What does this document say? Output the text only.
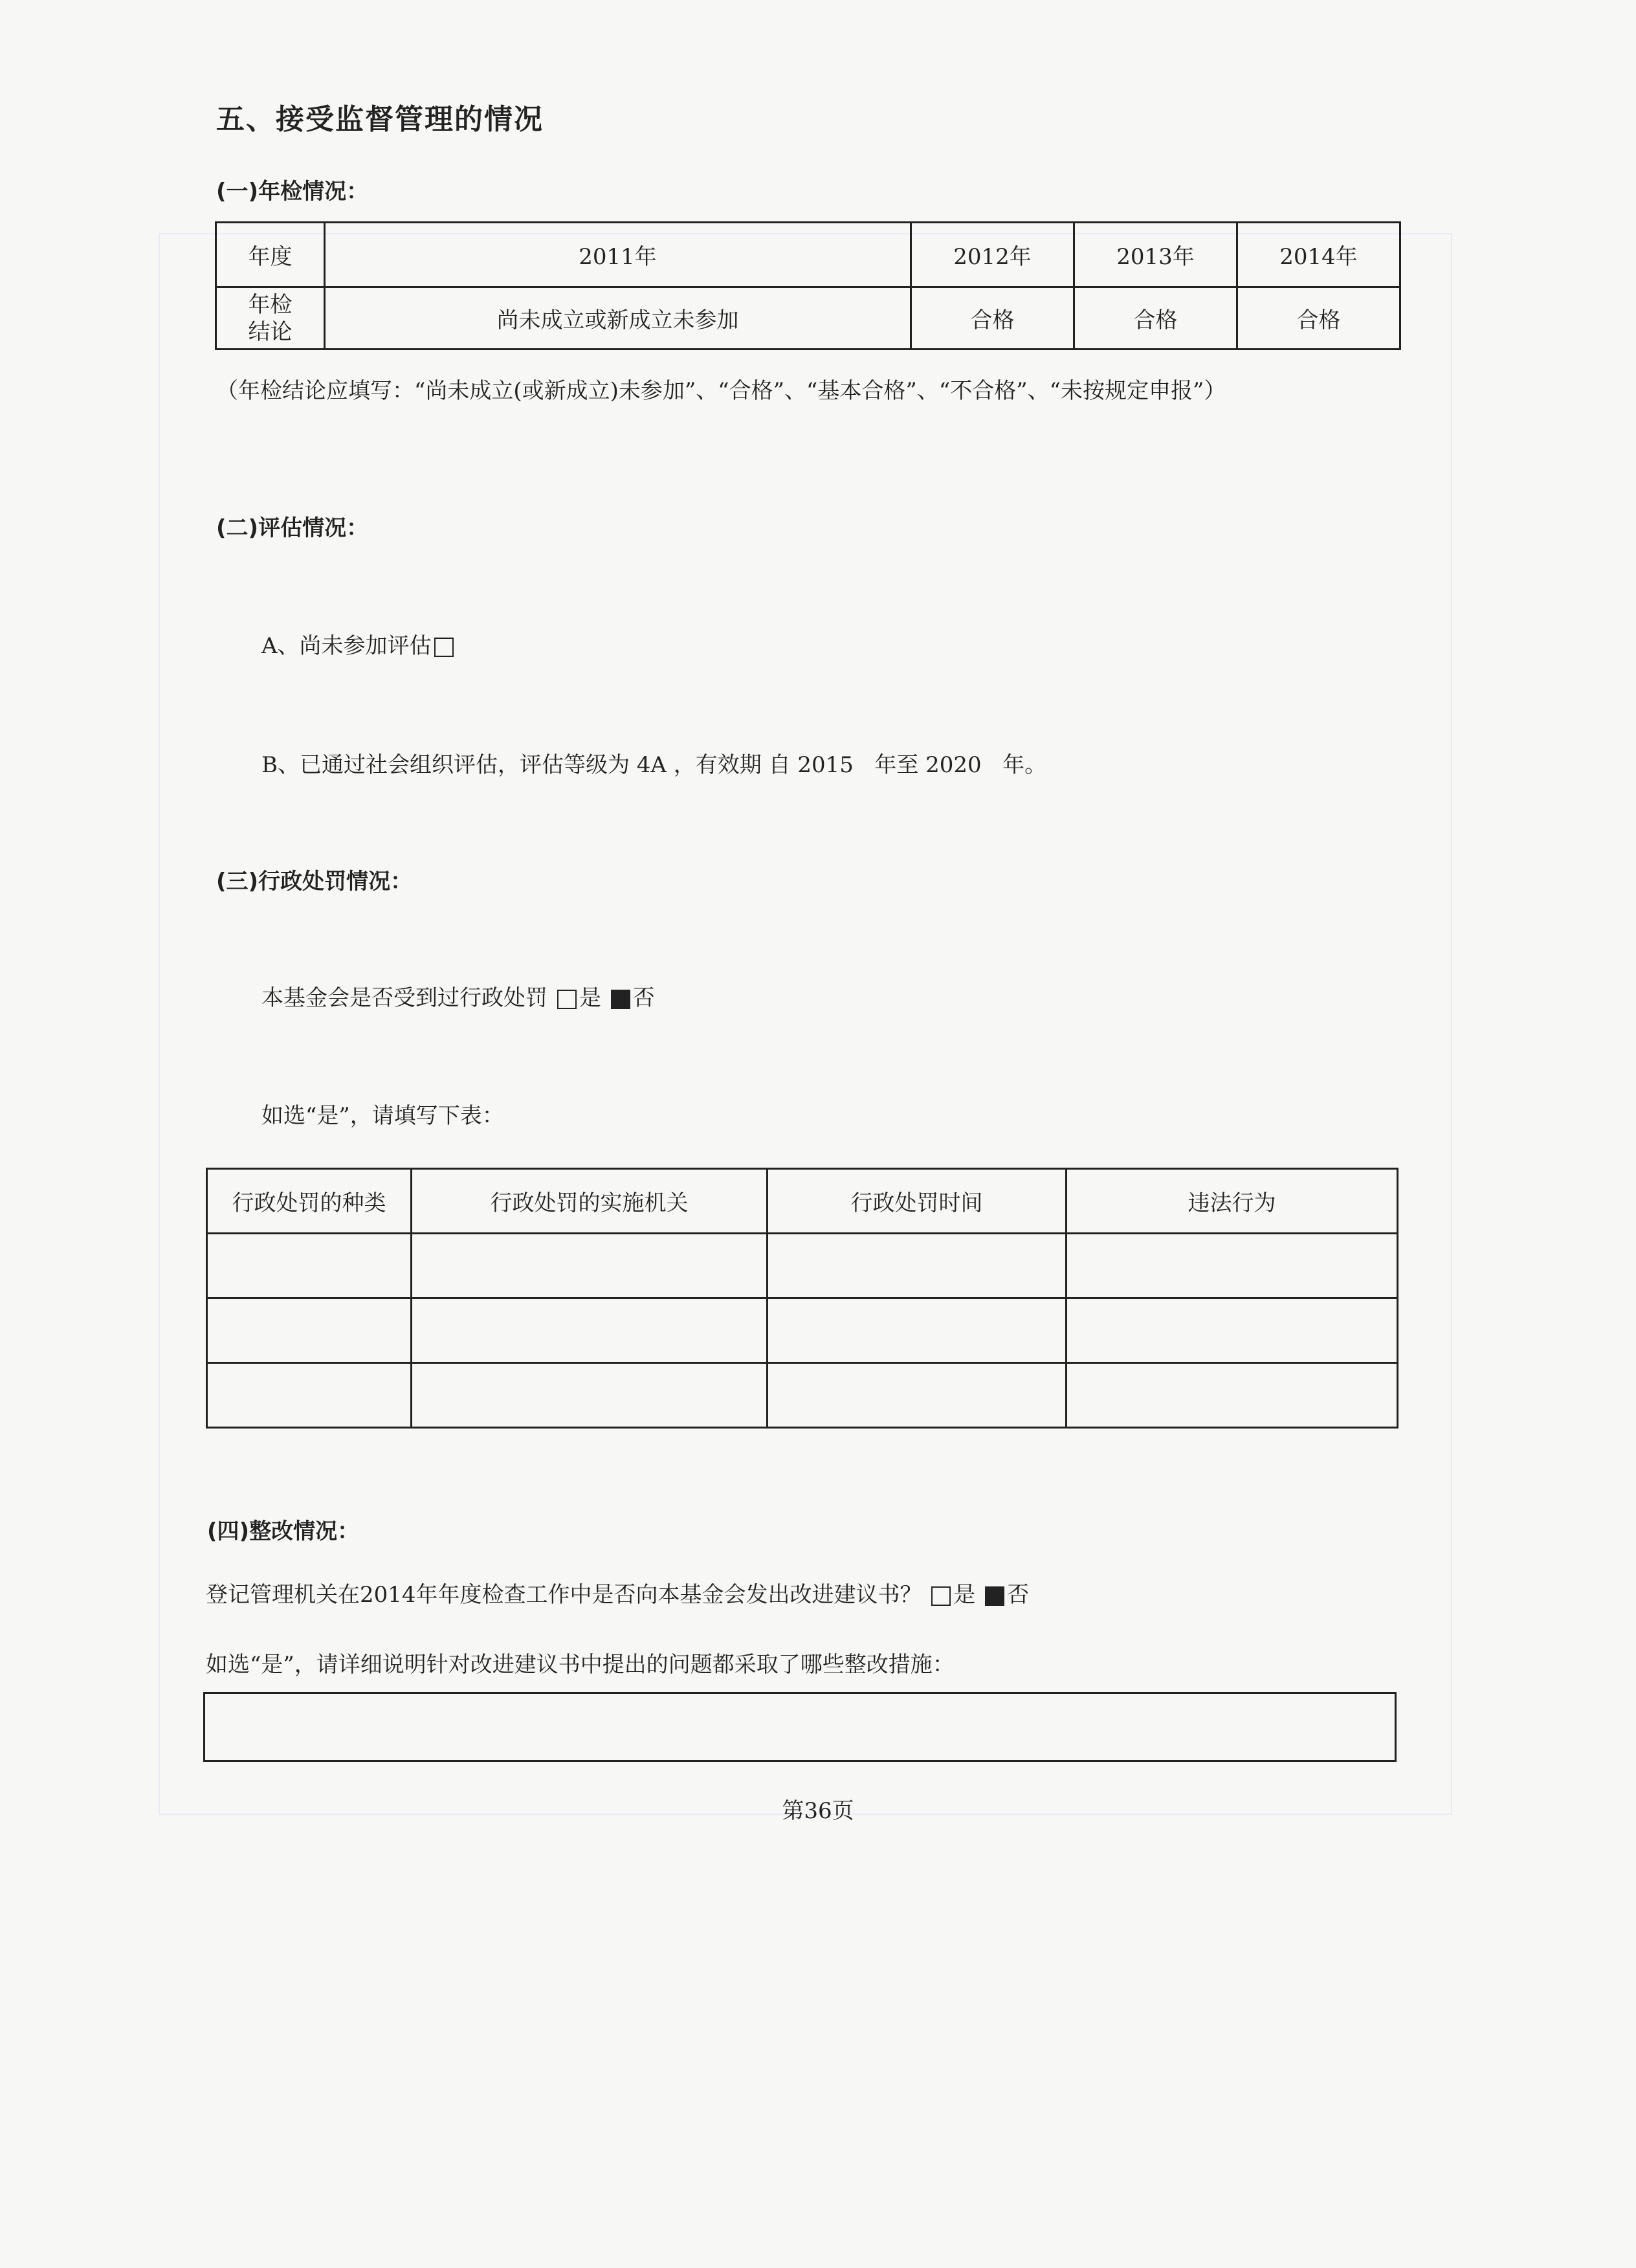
五、接受监督管理的情况
(一)年检情况：
年度	2011年	2012年	2013年	2014年
年检结论	尚未成立或新成立未参加	合格	合格	合格
（年检结论应填写：“尚未成立(或新成立)未参加”、“合格”、“基本合格”、“不合格”、“未按规定申报”）
(二)评估情况：
A、尚未参加评估
B、已通过社会组织评估，评估等级为 4A ，有效期 自 2015   年至 2020   年。
(三)行政处罚情况：
本基金会是否受到过行政处罚 是 否
如选“是”，请填写下表：
行政处罚的种类	行政处罚的实施机关	行政处罚时间	违法行为

(四)整改情况：
登记管理机关在2014年年度检查工作中是否向本基金会发出改进建议书？ 是 否
如选“是”，请详细说明针对改进建议书中提出的问题都采取了哪些整改措施：
第36页
